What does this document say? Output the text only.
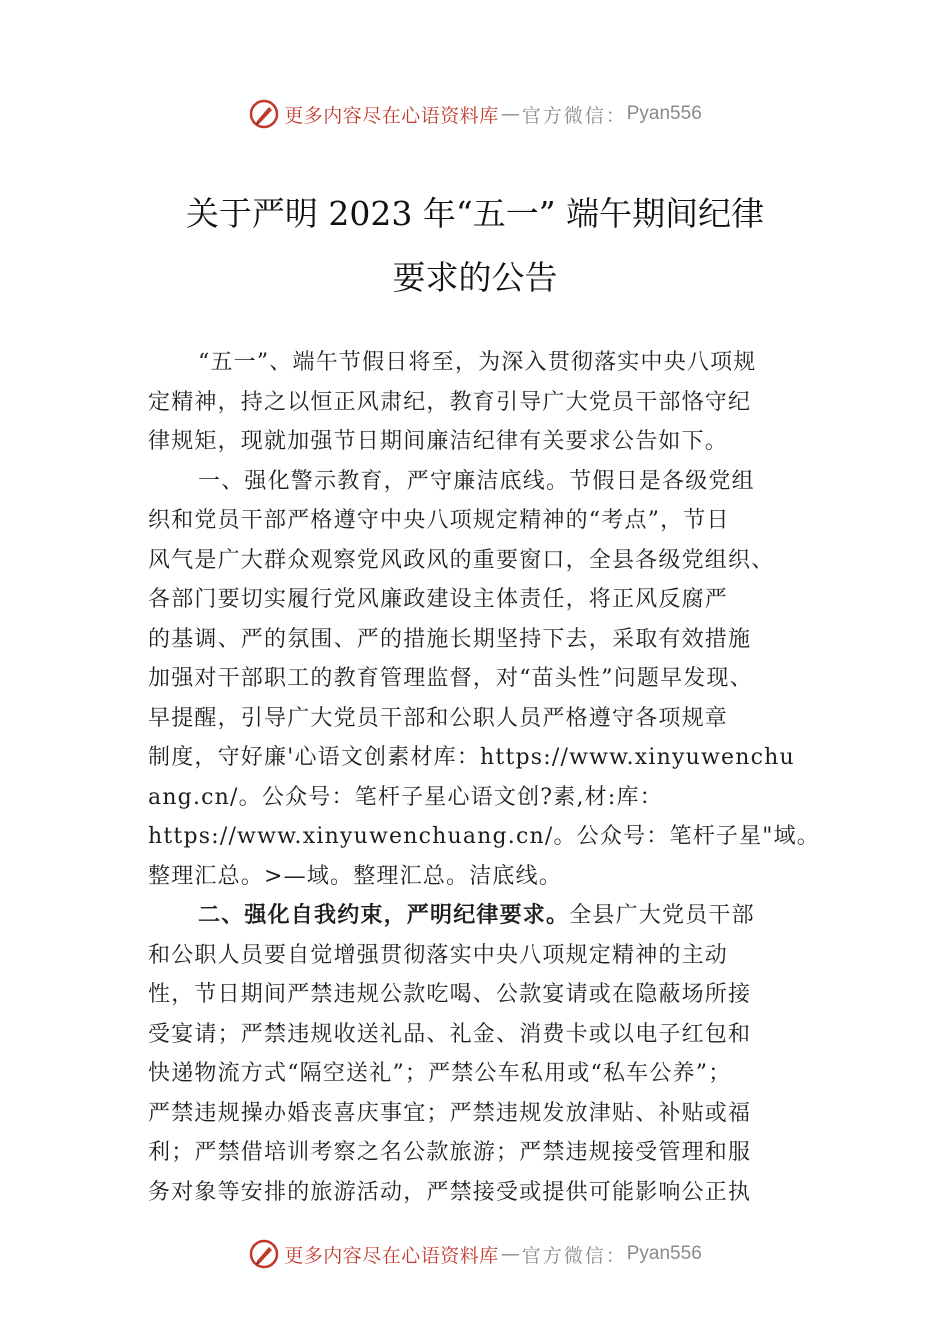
更多内容尽在心语资料库 — 官方微信： Pyan556
关于严明 2023 年“五一” 端午期间纪律
要求的公告
“五一”、端午节假日将至，为深入贯彻落实中央八项规
定精神，持之以恒正风肃纪，教育引导广大党员干部恪守纪
律规矩，现就加强节日期间廉洁纪律有关要求公告如下。
一、强化警示教育，严守廉洁底线。节假日是各级党组
织和党员干部严格遵守中央八项规定精神的“考点”，节日
风气是广大群众观察党风政风的重要窗口，全县各级党组织、
各部门要切实履行党风廉政建设主体责任，将正风反腐严
的基调、严的氛围、严的措施长期坚持下去，采取有效措施
加强对干部职工的教育管理监督，对“苗头性”问题早发现、
早提醒，引导广大党员干部和公职人员严格遵守各项规章
制度，守好廉'心语文创素材库：https://www.xinyuwenchu
ang.cn/。公众号：笔杆子星心语文创?素,材:库：
https://www.xinyuwenchuang.cn/。公众号：笔杆子星"域。
整理汇总。>—域。整理汇总。洁底线。
二、强化自我约束，严明纪律要求。全县广大党员干部
和公职人员要自觉增强贯彻落实中央八项规定精神的主动
性，节日期间严禁违规公款吃喝、公款宴请或在隐蔽场所接
受宴请；严禁违规收送礼品、礼金、消费卡或以电子红包和
快递物流方式“隔空送礼”；严禁公车私用或“私车公养”；
严禁违规操办婚丧喜庆事宜；严禁违规发放津贴、补贴或福
利；严禁借培训考察之名公款旅游；严禁违规接受管理和服
务对象等安排的旅游活动，严禁接受或提供可能影响公正执
更多内容尽在心语资料库 — 官方微信： Pyan556
